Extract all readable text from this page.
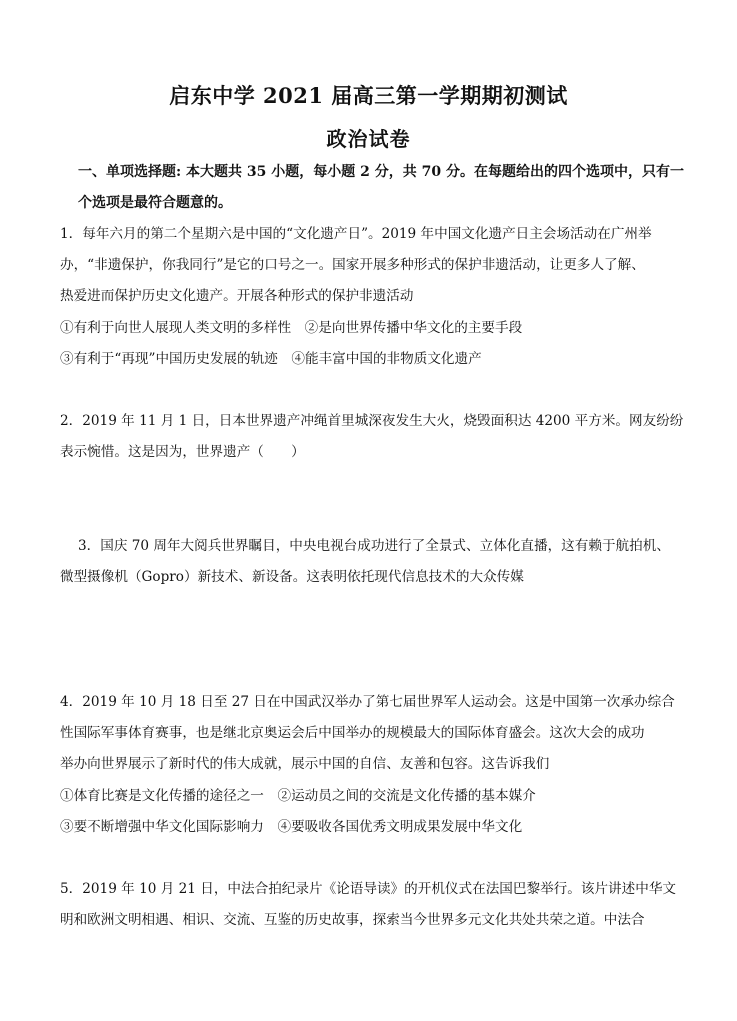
启东中学 2021 届高三第一学期期初测试
政治试卷
一、单项选择题: 本大题共 35 小题，每小题 2 分，共 70 分。在每题给出的四个选项中，只有一
个选项是最符合题意的。
1．每年六月的第二个星期六是中国的“文化遗产日”。2019 年中国文化遗产日主会场活动在广州举
办，“非遗保护，你我同行”是它的口号之一。国家开展多种形式的保护非遗活动，让更多人了解、
热爱进而保护历史文化遗产。开展各种形式的保护非遗活动
①有利于向世人展现人类文明的多样性　②是向世界传播中华文化的主要手段
③有利于“再现”中国历史发展的轨迹　④能丰富中国的非物质文化遗产
2．2019 年 11 月 1 日，日本世界遗产冲绳首里城深夜发生大火，烧毁面积达 4200 平方米。网友纷纷
表示惋惜。这是因为，世界遗产（　　）
3．国庆 70 周年大阅兵世界瞩目，中央电视台成功进行了全景式、立体化直播，这有赖于航拍机、
微型摄像机（Gopro）新技术、新设备。这表明依托现代信息技术的大众传媒
4．2019 年 10 月 18 日至 27 日在中国武汉举办了第七届世界军人运动会。这是中国第一次承办综合
性国际军事体育赛事，也是继北京奥运会后中国举办的规模最大的国际体育盛会。这次大会的成功
举办向世界展示了新时代的伟大成就，展示中国的自信、友善和包容。这告诉我们
①体育比赛是文化传播的途径之一　②运动员之间的交流是文化传播的基本媒介
③要不断增强中华文化国际影响力　④要吸收各国优秀文明成果发展中华文化
5．2019 年 10 月 21 日，中法合拍纪录片《论语导读》的开机仪式在法国巴黎举行。该片讲述中华文
明和欧洲文明相遇、相识、交流、互鉴的历史故事，探索当今世界多元文化共处共荣之道。中法合
